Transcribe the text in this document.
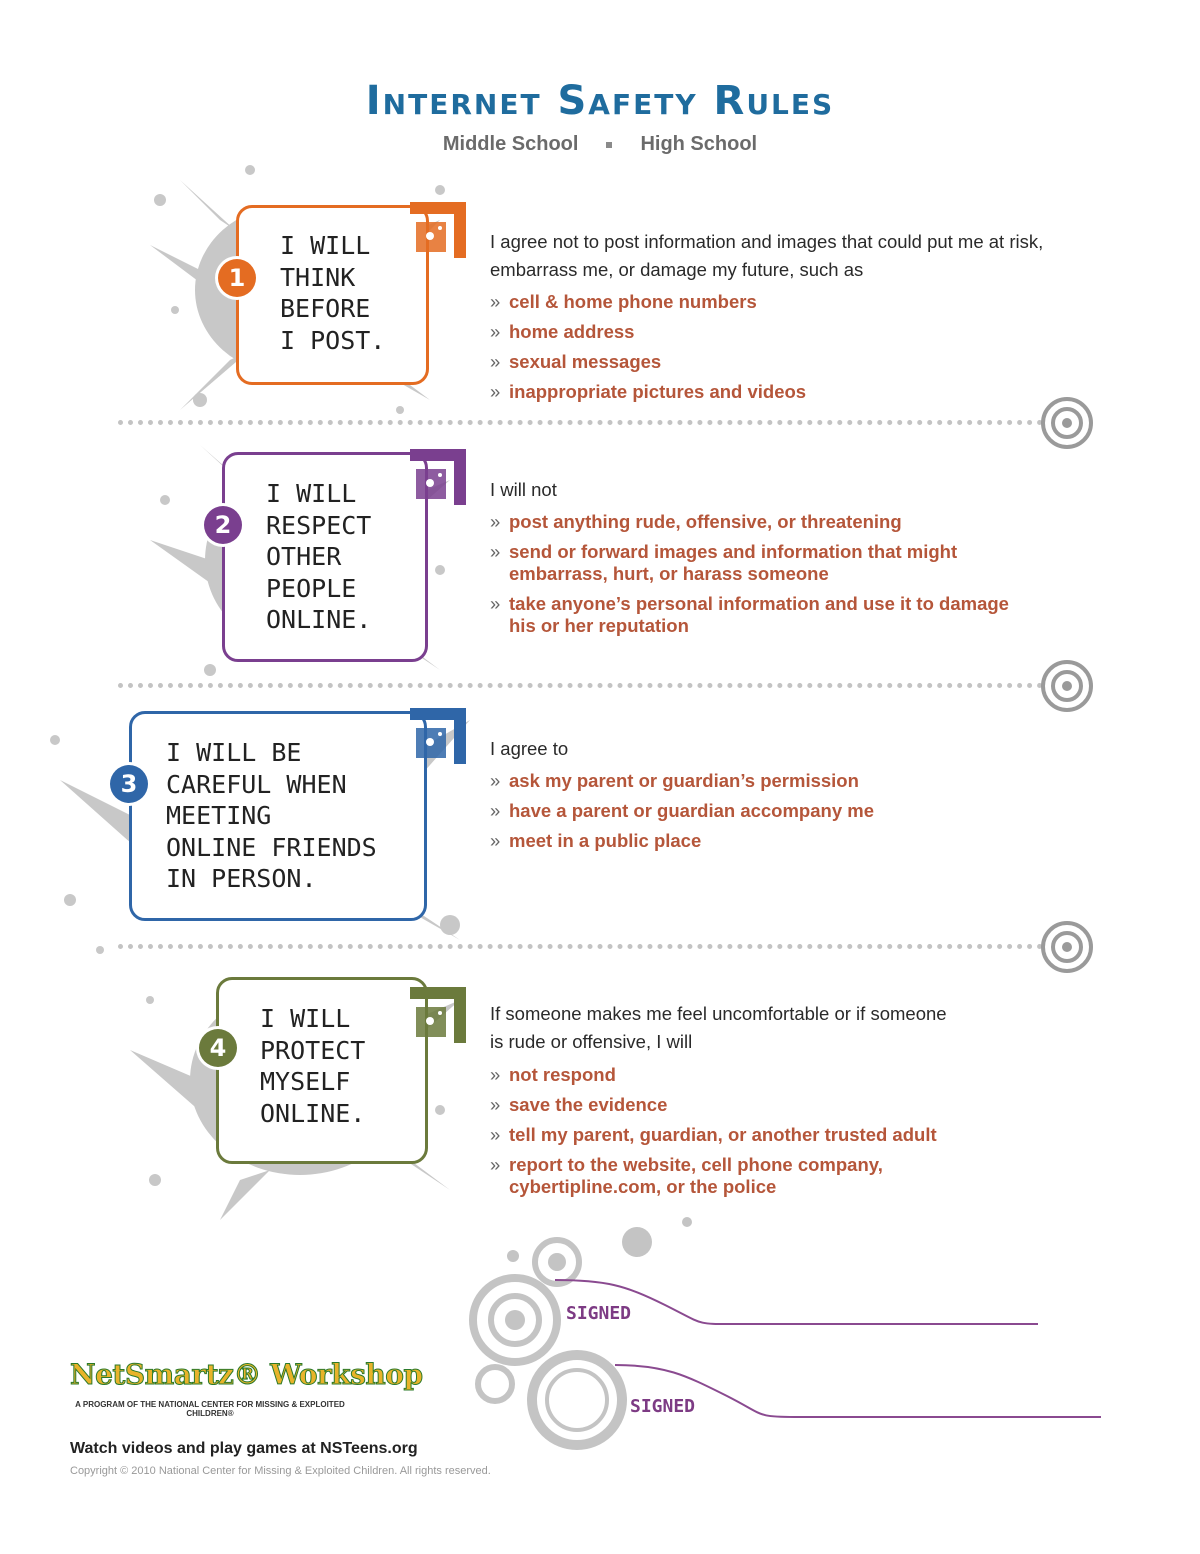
Internet Safety Rules
Middle School	High School
I WILL
THINK
BEFORE
I POST.
1
I agree not to post information and images that could put me at risk, embarrass me, or damage my future, such as
» cell & home phone numbers
» home address
» sexual messages
» inappropriate pictures and videos
I WILL
RESPECT
OTHER
PEOPLE
ONLINE.
2
I will not
» post anything rude, offensive, or threatening
» send or forward images and information that might embarrass, hurt, or harass someone
» take anyone’s personal information and use it to damage his or her reputation
I WILL BE
CAREFUL WHEN
MEETING
ONLINE FRIENDS
IN PERSON.
3
I agree to
» ask my parent or guardian’s permission
» have a parent or guardian accompany me
» meet in a public place
I WILL
PROTECT
MYSELF
ONLINE.
4
If someone makes me feel uncomfortable or if someone is rude or offensive, I will
» not respond
» save the evidence
» tell my parent, guardian, or another trusted adult
» report to the website, cell phone company, cybertipline.com, or the police
SIGNED
SIGNED
NetSmartz® Workshop
A PROGRAM OF THE NATIONAL CENTER FOR MISSING & EXPLOITED CHILDREN®
Watch videos and play games at NSTeens.org
Copyright © 2010 National Center for Missing & Exploited Children. All rights reserved.
